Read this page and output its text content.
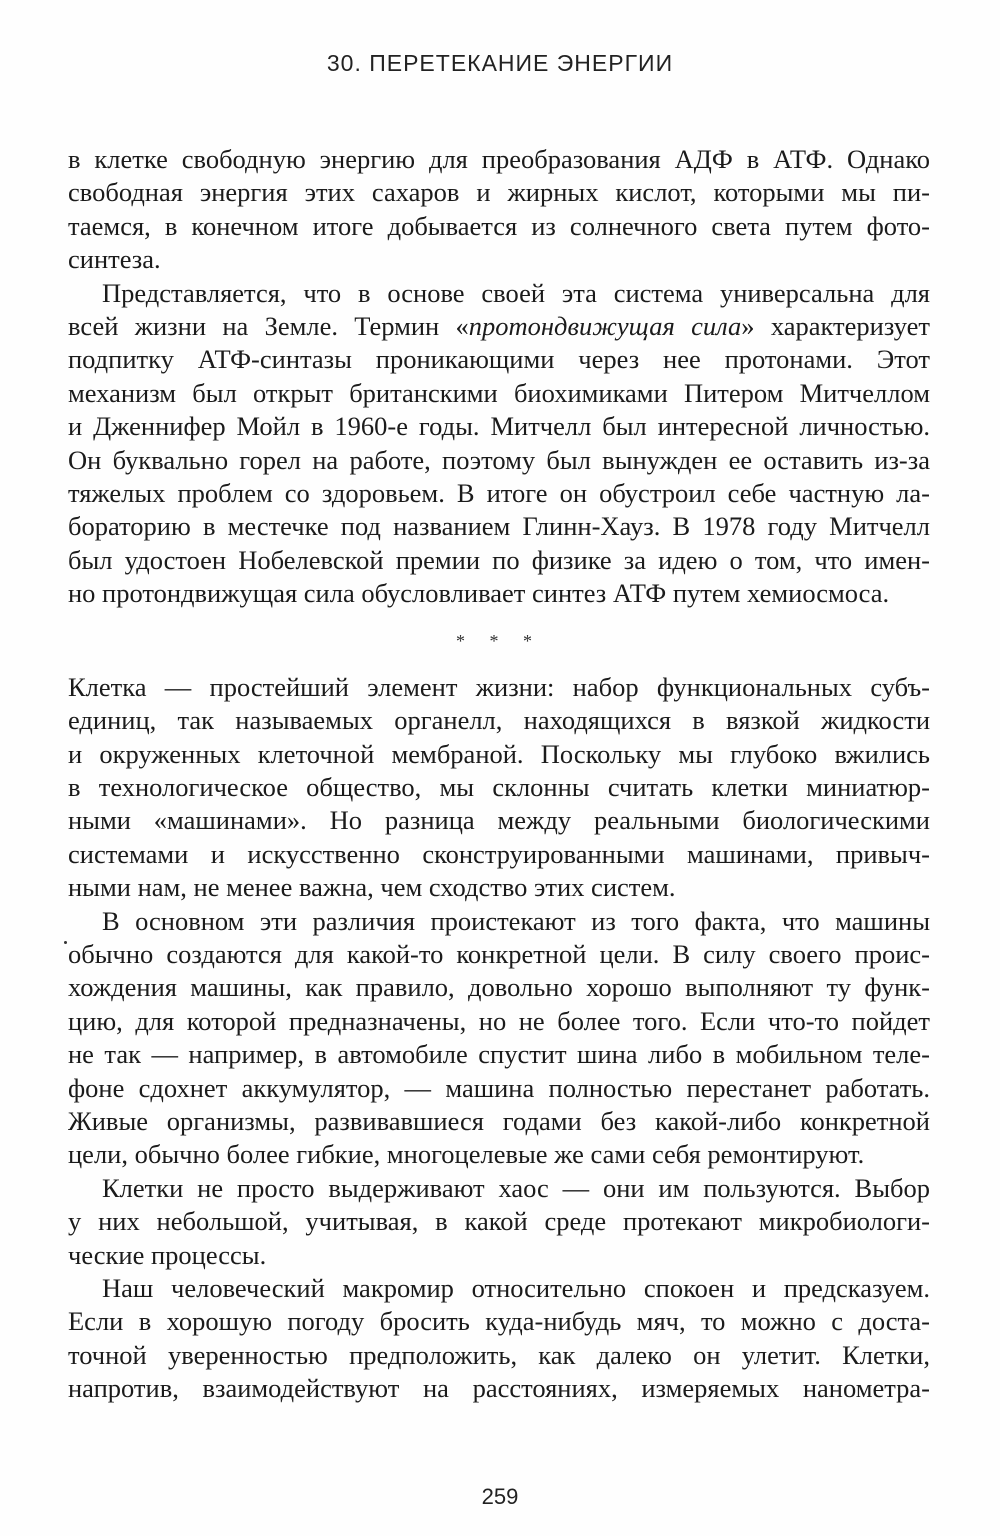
30. ПЕРЕТЕКАНИЕ ЭНЕРГИИ

в клетке свободную энергию для преобразования АДФ в АТФ. Однако
свободная энергия этих сахаров и жирных кислот, которыми мы пи-
таемся, в конечном итоге добывается из солнечного света путем фото-
синтеза.

Представляется, что в основе своей эта система универсальна для
всей жизни на Земле. Термин «протондвижущая сила» характеризует
подпитку АТФ-синтазы проникающими через нее протонами. Этот
механизм был открыт британскими биохимиками Питером Митчеллом
и Дженнифер Мойл в 1960-е годы. Митчелл был интересной личностью.
Он буквально горел на работе, поэтому был вынужден ее оставить из-за
тяжелых проблем со здоровьем. В итоге он обустроил себе частную ла-
бораторию в местечке под названием Глинн-Хауз. В 1978 году Митчелл
был удостоен Нобелевской премии по физике за идею о том, что имен-
но протондвижущая сила обусловливает синтез АТФ путем хемиосмоса.

* * *

Клетка — простейший элемент жизни: набор функциональных субъ-
единиц, так называемых органелл, находящихся в вязкой жидкости
и окруженных клеточной мембраной. Поскольку мы глубоко вжились
в технологическое общество, мы склонны считать клетки миниатюр-
ными «машинами». Но разница между реальными биологическими
системами и искусственно сконструированными машинами, привыч-
ными нам, не менее важна, чем сходство этих систем.

В основном эти различия проистекают из того факта, что машины
обычно создаются для какой-то конкретной цели. В силу своего проис-
хождения машины, как правило, довольно хорошо выполняют ту функ-
цию, для которой предназначены, но не более того. Если что-то пойдет
не так — например, в автомобиле спустит шина либо в мобильном теле-
фоне сдохнет аккумулятор, — машина полностью перестанет работать.
Живые организмы, развивавшиеся годами без какой-либо конкретной
цели, обычно более гибкие, многоцелевые же сами себя ремонтируют.

Клетки не просто выдерживают хаос — они им пользуются. Выбор
у них небольшой, учитывая, в какой среде протекают микробиологи-
ческие процессы.

Наш человеческий макромир относительно спокоен и предсказуем.
Если в хорошую погоду бросить куда-нибудь мяч, то можно с доста-
точной уверенностью предположить, как далеко он улетит. Клетки,
напротив, взаимодействуют на расстояниях, измеряемых нанометра-

259
